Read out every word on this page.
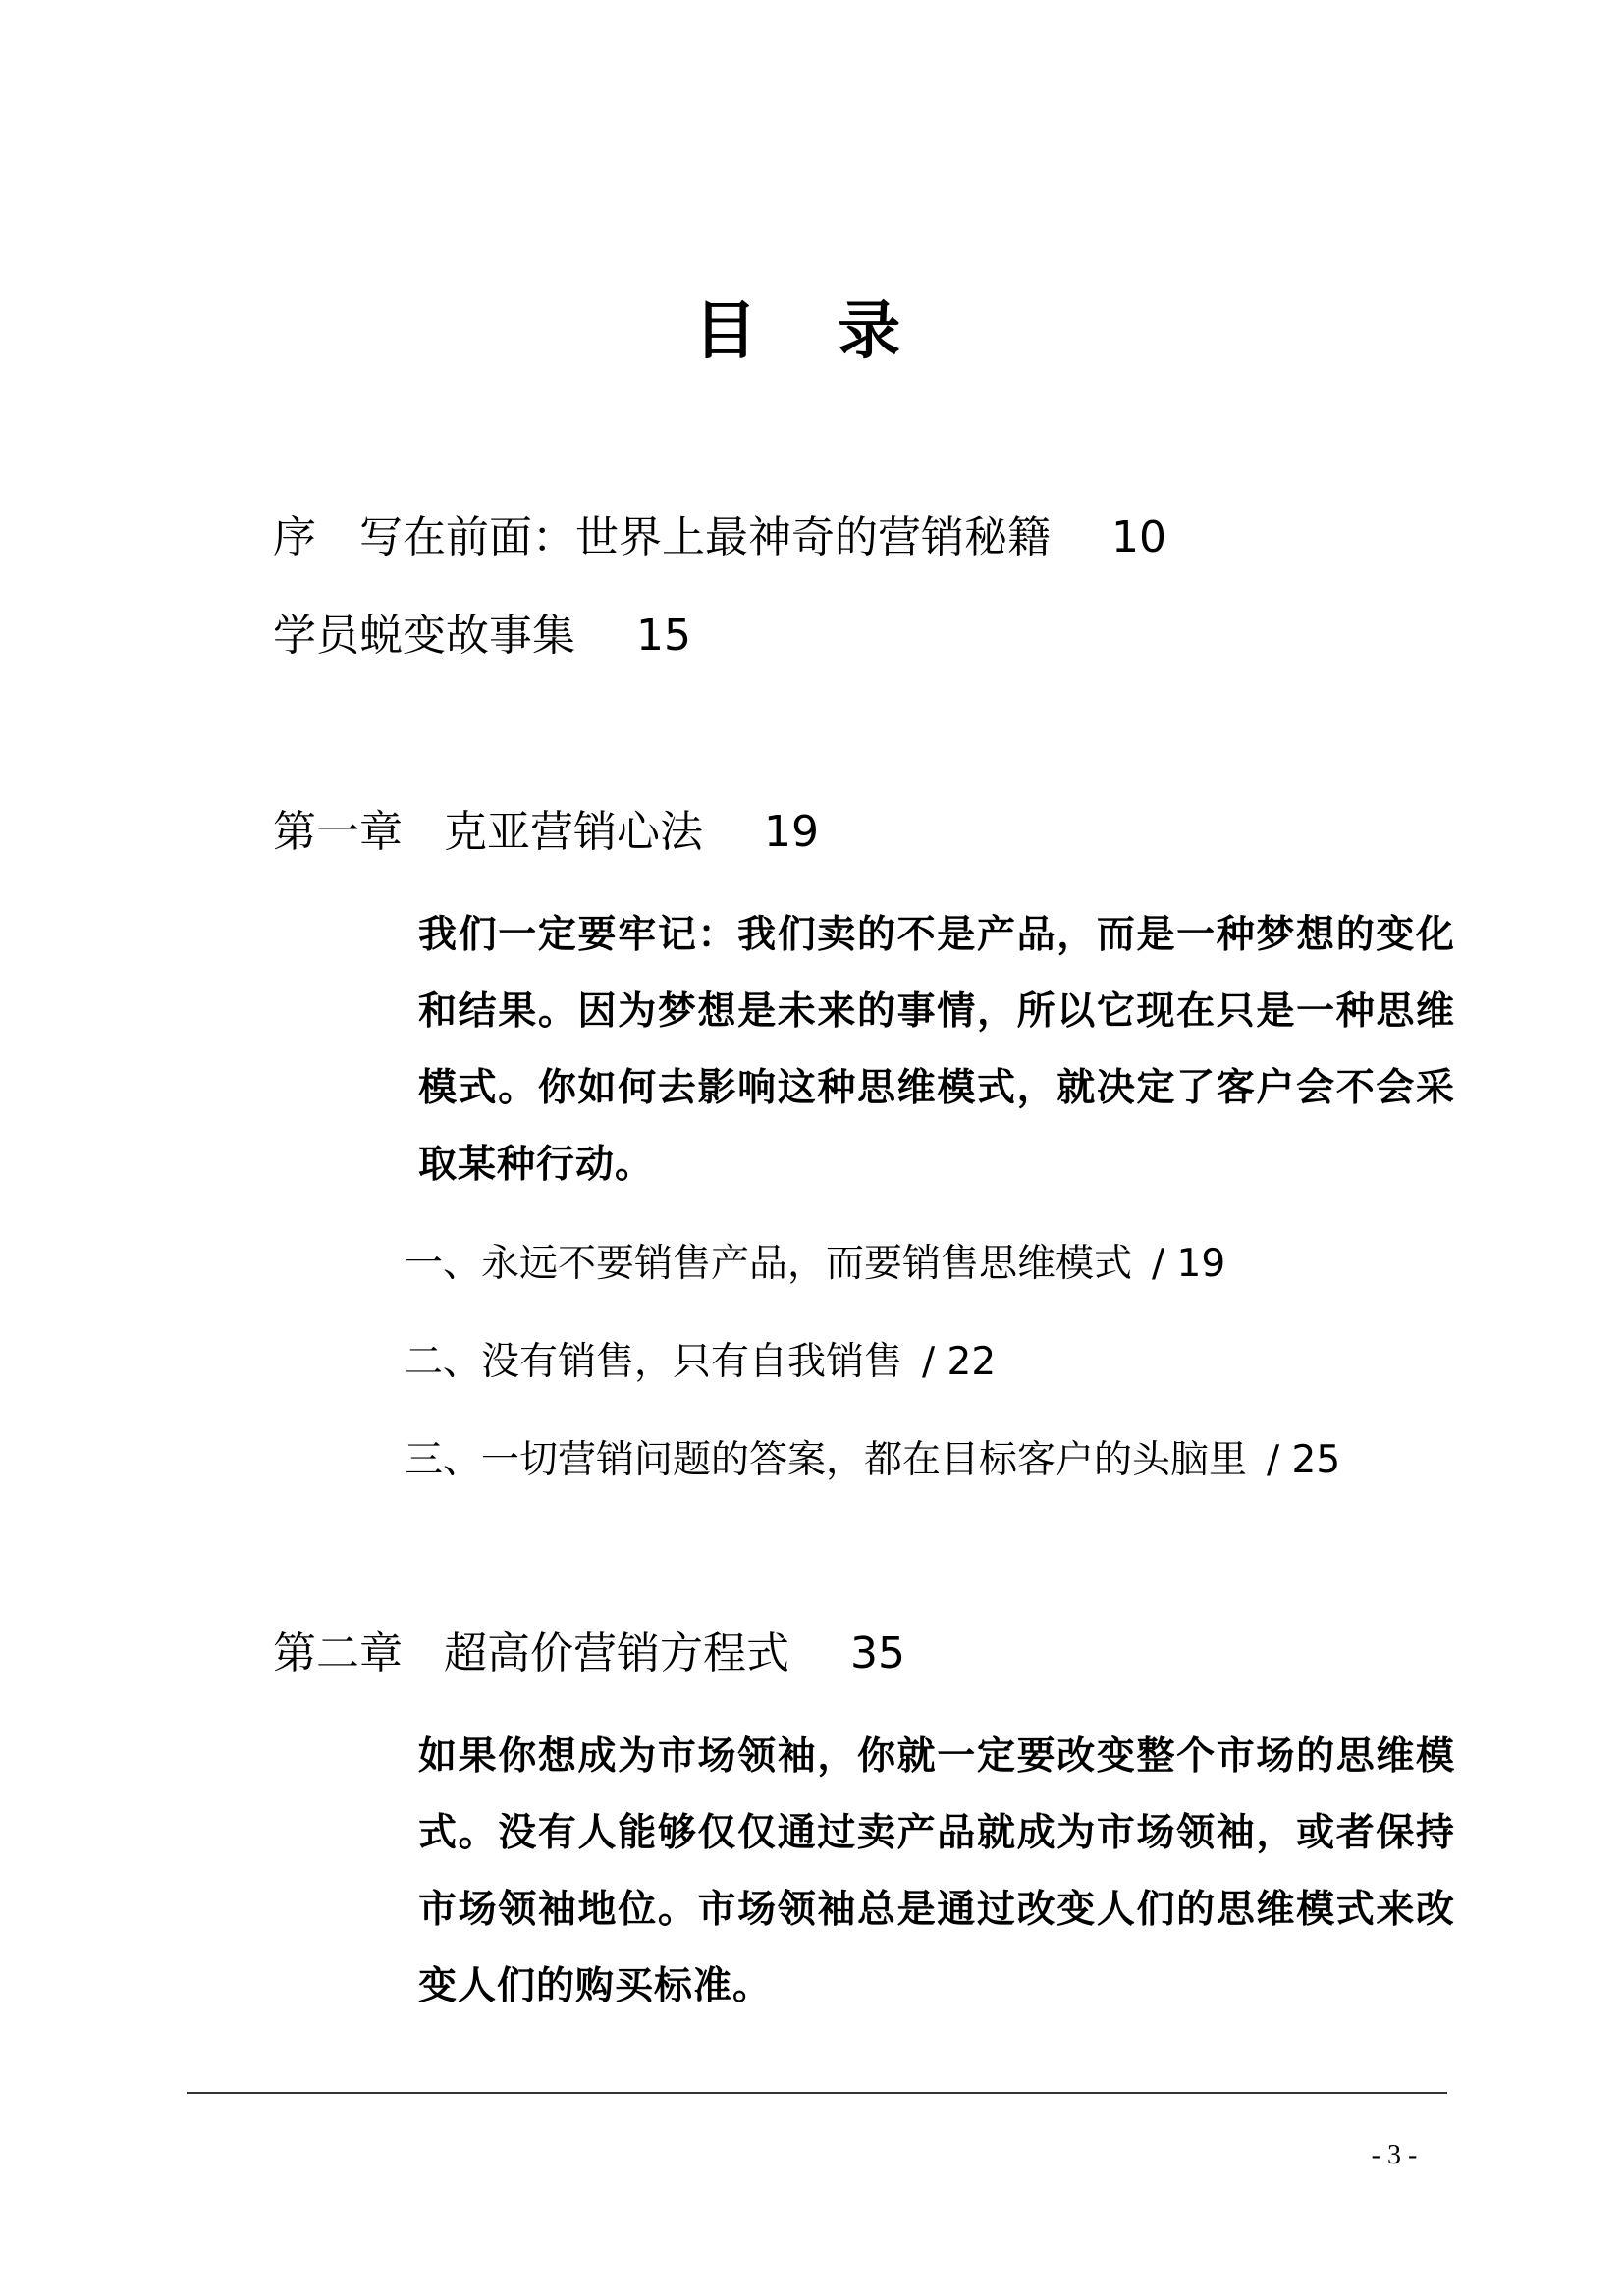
目 录
序　写在前面：世界上最神奇的营销秘籍 10
学员蜕变故事集 15
第一章 克亚营销心法 19
我们一定要牢记：我们卖的不是产品，而是一种梦想的变化和结果。因为梦想是未来的事情，所以它现在只是一种思维模式。你如何去影响这种思维模式，就决定了客户会不会采取某种行动。
一、永远不要销售产品，而要销售思维模式 / 19
二、没有销售，只有自我销售 / 22
三、一切营销问题的答案，都在目标客户的头脑里 / 25
第二章 超高价营销方程式 35
如果你想成为市场领袖，你就一定要改变整个市场的思维模式。没有人能够仅仅通过卖产品就成为市场领袖，或者保持市场领袖地位。市场领袖总是通过改变人们的思维模式来改变人们的购买标准。
- 3 -
